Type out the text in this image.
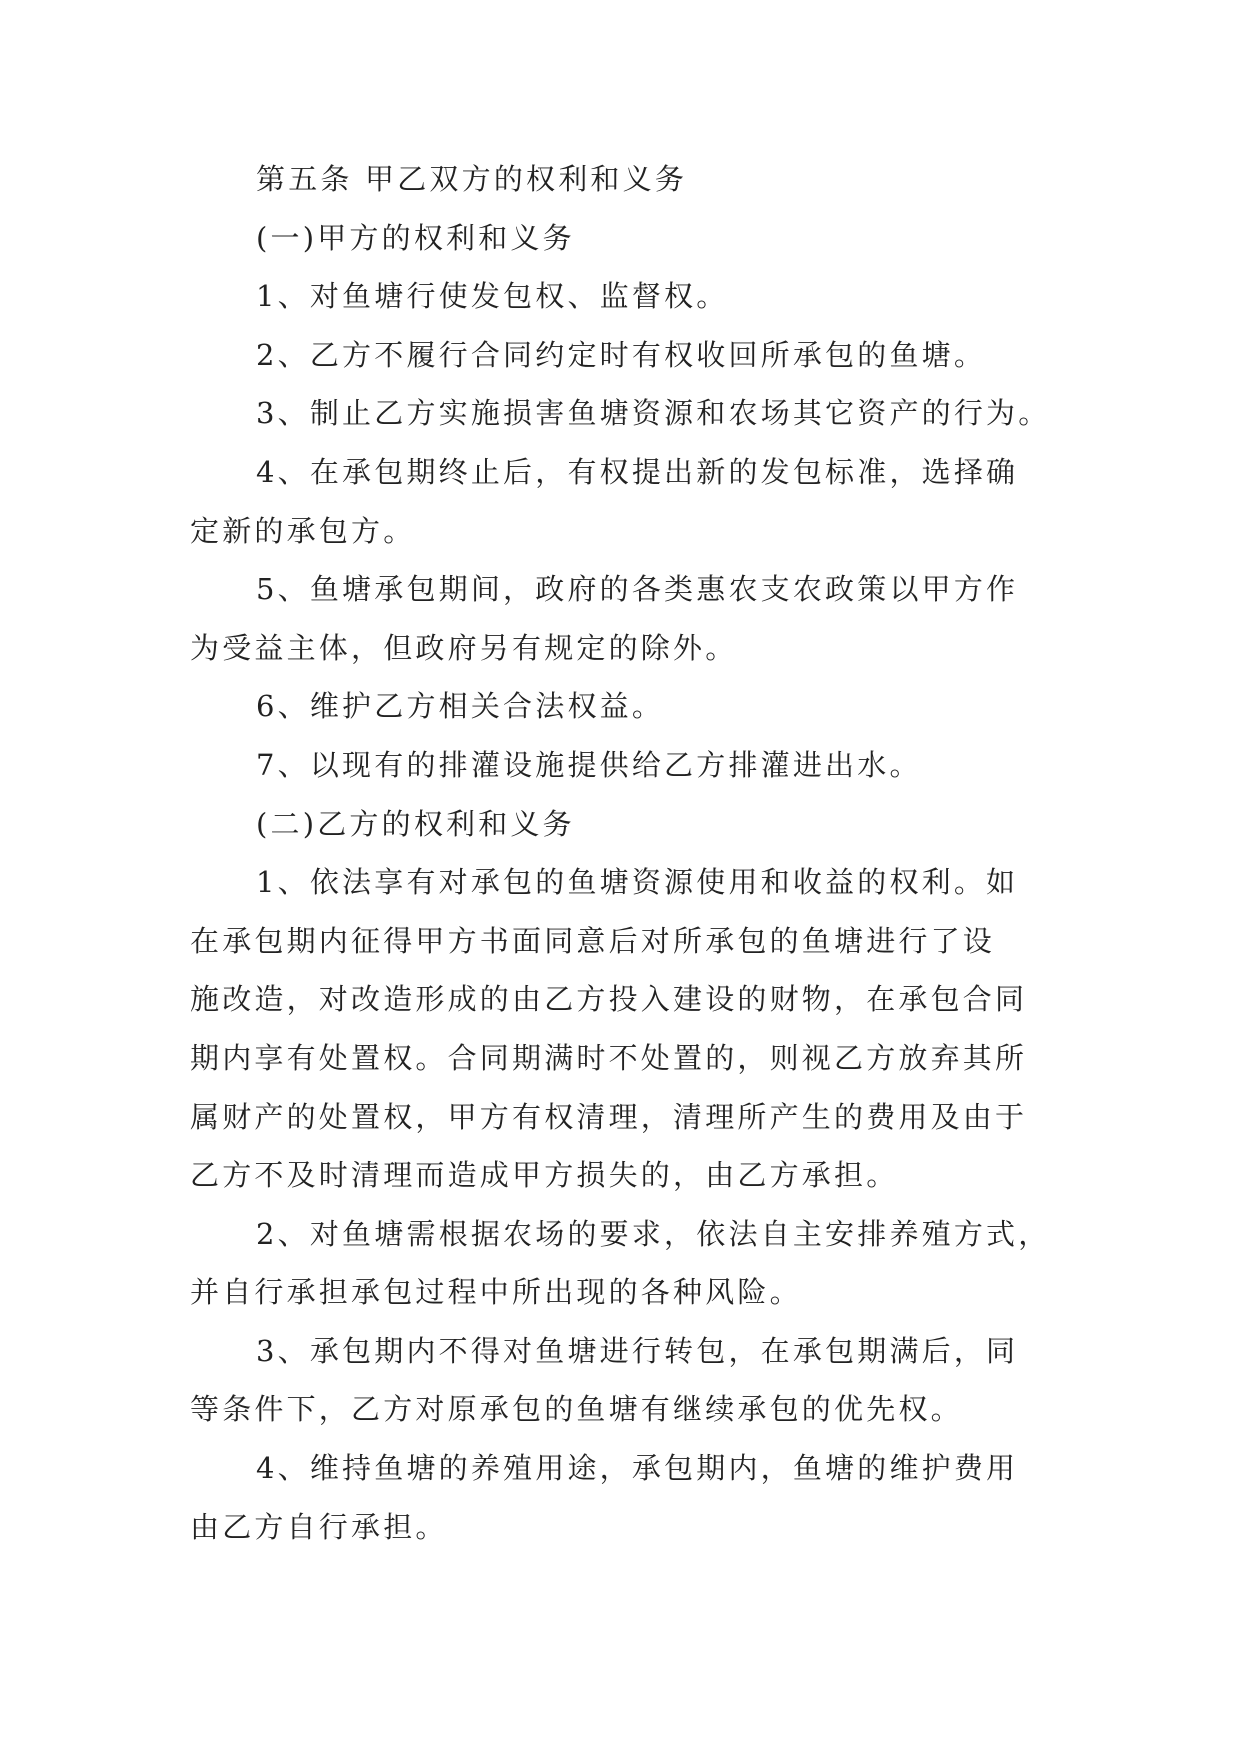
第五条 甲乙双方的权利和义务
(一)甲方的权利和义务
1、对鱼塘行使发包权、监督权。
2、乙方不履行合同约定时有权收回所承包的鱼塘。
3、制止乙方实施损害鱼塘资源和农场其它资产的行为。
4、在承包期终止后，有权提出新的发包标准，选择确
定新的承包方。
5、鱼塘承包期间，政府的各类惠农支农政策以甲方作
为受益主体，但政府另有规定的除外。
6、维护乙方相关合法权益。
7、以现有的排灌设施提供给乙方排灌进出水。
(二)乙方的权利和义务
1、依法享有对承包的鱼塘资源使用和收益的权利。如
在承包期内征得甲方书面同意后对所承包的鱼塘进行了设
施改造，对改造形成的由乙方投入建设的财物，在承包合同
期内享有处置权。合同期满时不处置的，则视乙方放弃其所
属财产的处置权，甲方有权清理，清理所产生的费用及由于
乙方不及时清理而造成甲方损失的，由乙方承担。
2、对鱼塘需根据农场的要求，依法自主安排养殖方式，
并自行承担承包过程中所出现的各种风险。
3、承包期内不得对鱼塘进行转包，在承包期满后，同
等条件下，乙方对原承包的鱼塘有继续承包的优先权。
4、维持鱼塘的养殖用途，承包期内，鱼塘的维护费用
由乙方自行承担。
